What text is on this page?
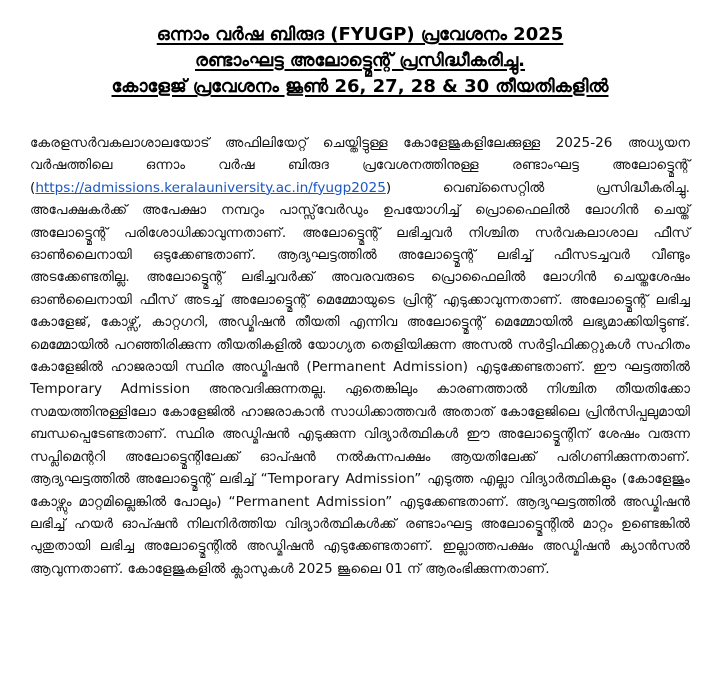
ഒന്നാം വർഷ ബിരുദ (FYUGP) പ്രവേശനം 2025
രണ്ടാംഘട്ട അലോട്ട്മെന്റ് പ്രസിദ്ധീകരിച്ചു.
കോളേജ് പ്രവേശനം ജൂൺ 26, 27, 28 & 30 തീയതികളിൽ

കേരളസർവകലാശാലയോട് അഫിലിയേറ്റ് ചെയ്തിട്ടുള്ള കോളേജുകളിലേക്കുള്ള 2025-26 അധ്യയന വർഷത്തിലെ ഒന്നാം വർഷ ബിരുദ പ്രവേശനത്തിനുള്ള രണ്ടാംഘട്ട അലോട്ട്മെന്റ് (https://admissions.keralauniversity.ac.in/fyugp2025) വെബ്സൈറ്റിൽ പ്രസിദ്ധീകരിച്ചു. അപേക്ഷകർക്ക് അപേക്ഷാ നമ്പറും പാസ്സ്‌വേർഡും ഉപയോഗിച്ച് പ്രൊഫൈലിൽ ലോഗിൻ ചെയ്ത് അലോട്ട്മെന്റ് പരിശോധിക്കാവുന്നതാണ്. അലോട്ട്മെന്റ് ലഭിച്ചവർ നിശ്ചിത സർവകലാശാല ഫീസ് ഓൺലൈനായി ഒടുക്കേണ്ടതാണ്. ആദ്യഘട്ടത്തിൽ അലോട്ട്മെന്റ് ലഭിച്ച് ഫീസടച്ചവർ വീണ്ടും അടക്കേണ്ടതില്ല. അലോട്ട്മെന്റ് ലഭിച്ചവർക്ക് അവരവരുടെ പ്രൊഫൈലിൽ ലോഗിൻ ചെയ്തശേഷം ഓൺലൈനായി ഫീസ് അടച്ച് അലോട്ട്മെന്റ് മെമ്മോയുടെ പ്രിന്റ് എടുക്കാവുന്നതാണ്. അലോട്ട്മെന്റ് ലഭിച്ച കോളേജ്, കോഴ്സ്, കാറ്റഗറി, അഡ്മിഷൻ തീയതി എന്നിവ അലോട്ട്മെന്റ് മെമ്മോയിൽ ലഭ്യമാക്കിയിട്ടുണ്ട്. മെമ്മോയിൽ പറഞ്ഞിരിക്കുന്ന തീയതികളിൽ യോഗ്യത തെളിയിക്കുന്ന അസൽ സർട്ടിഫിക്കറ്റുകൾ സഹിതം കോളേജിൽ ഹാജരായി സ്ഥിര അഡ്മിഷൻ (Permanent Admission) എടുക്കേണ്ടതാണ്. ഈ ഘട്ടത്തിൽ Temporary Admission അനുവദിക്കുന്നതല്ല. ഏതെങ്കിലും കാരണത്താൽ നിശ്ചിത തീയതിക്കോ സമയത്തിനുള്ളിലോ കോളേജിൽ ഹാജരാകാൻ സാധിക്കാത്തവർ അതാത് കോളേജിലെ പ്രിൻസിപ്പലുമായി ബന്ധപ്പെടേണ്ടതാണ്. സ്ഥിര അഡ്മിഷൻ എടുക്കുന്ന വിദ്യാർത്ഥികൾ ഈ അലോട്ട്മെന്റിന് ശേഷം വരുന്ന സപ്ലിമെന്ററി അലോട്ട്മെന്റിലേക്ക് ഓപ്ഷൻ നൽകുന്നപക്ഷം ആയതിലേക്ക് പരിഗണിക്കുന്നതാണ്. ആദ്യഘട്ടത്തിൽ അലോട്ട്മെന്റ് ലഭിച്ച് “Temporary Admission” എടുത്ത എല്ലാ വിദ്യാർത്ഥികളും (കോളേജും കോഴ്സും മാറ്റമില്ലെങ്കിൽ പോലും) “Permanent Admission” എടുക്കേണ്ടതാണ്. ആദ്യഘട്ടത്തിൽ അഡ്മിഷൻ ലഭിച്ച് ഹയർ ഓപ്ഷൻ നിലനിർത്തിയ വിദ്യാർത്ഥികൾക്ക് രണ്ടാംഘട്ട അലോട്ട്മെന്റിൽ മാറ്റം ഉണ്ടെങ്കിൽ പുതുതായി ലഭിച്ച അലോട്ട്മെന്റിൽ അഡ്മിഷൻ എടുക്കേണ്ടതാണ്. ഇല്ലാത്തപക്ഷം അഡ്മിഷൻ ക്യാൻസൽ ആവുന്നതാണ്. കോളേജുകളിൽ ക്ലാസുകൾ 2025 ജൂലൈ 01 ന് ആരംഭിക്കുന്നതാണ്.
